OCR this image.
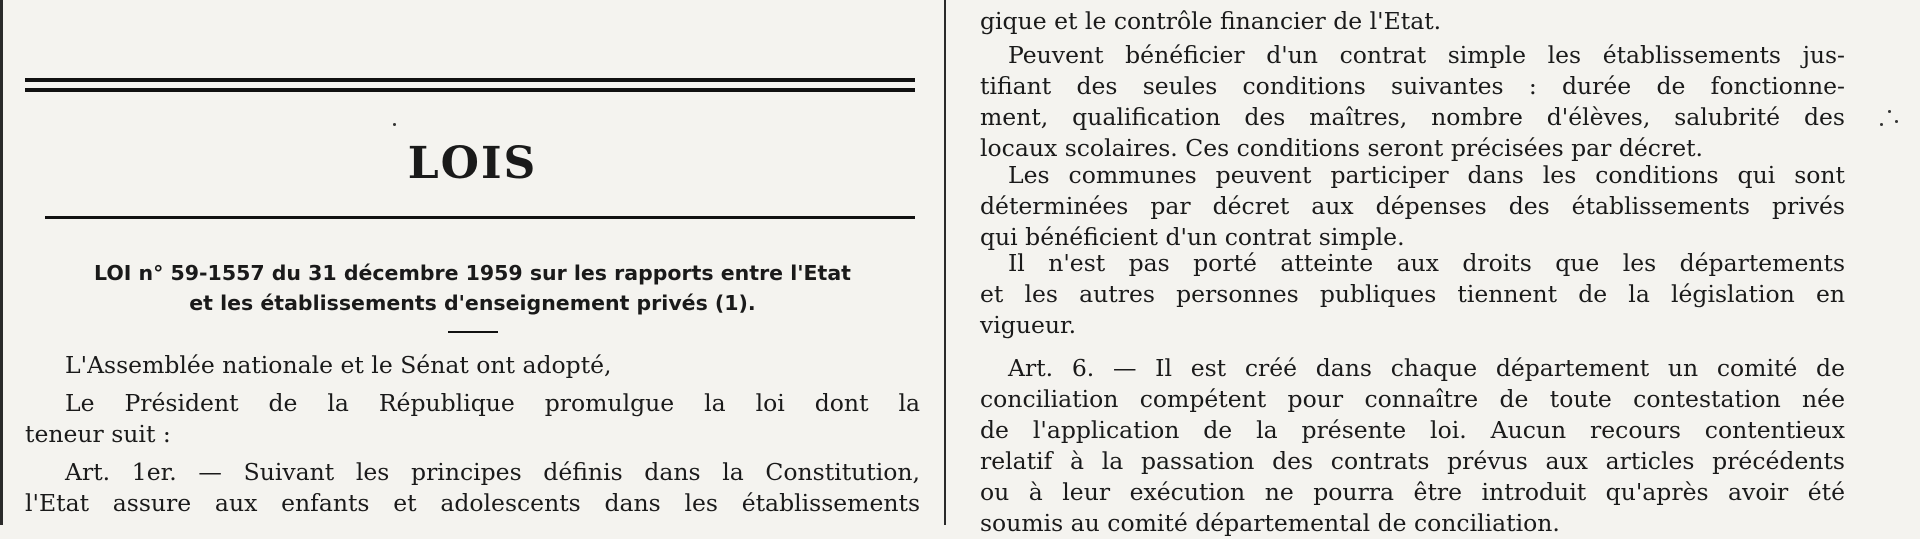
LOIS
LOI n° 59-1557 du 31 décembre 1959 sur les rapports entre l'Etat
et les établissements d'enseignement privés (1).
L'Assemblée nationale et le Sénat ont adopté,
Le Président de la République promulgue la loi dont la
teneur suit :
Art. 1er. — Suivant les principes définis dans la Constitution,
l'Etat assure aux enfants et adolescents dans les établissements
gique et le contrôle financier de l'Etat.
Peuvent bénéficier d'un contrat simple les établissements jus-
tifiant des seules conditions suivantes : durée de fonctionne-
ment, qualification des maîtres, nombre d'élèves, salubrité des
locaux scolaires. Ces conditions seront précisées par décret.
Les communes peuvent participer dans les conditions qui sont
déterminées par décret aux dépenses des établissements privés
qui bénéficient d'un contrat simple.
Il n'est pas porté atteinte aux droits que les départements
et les autres personnes publiques tiennent de la législation en
vigueur.
Art. 6. — Il est créé dans chaque département un comité de
conciliation compétent pour connaître de toute contestation née
de l'application de la présente loi. Aucun recours contentieux
relatif à la passation des contrats prévus aux articles précédents
ou à leur exécution ne pourra être introduit qu'après avoir été
soumis au comité départemental de conciliation.
